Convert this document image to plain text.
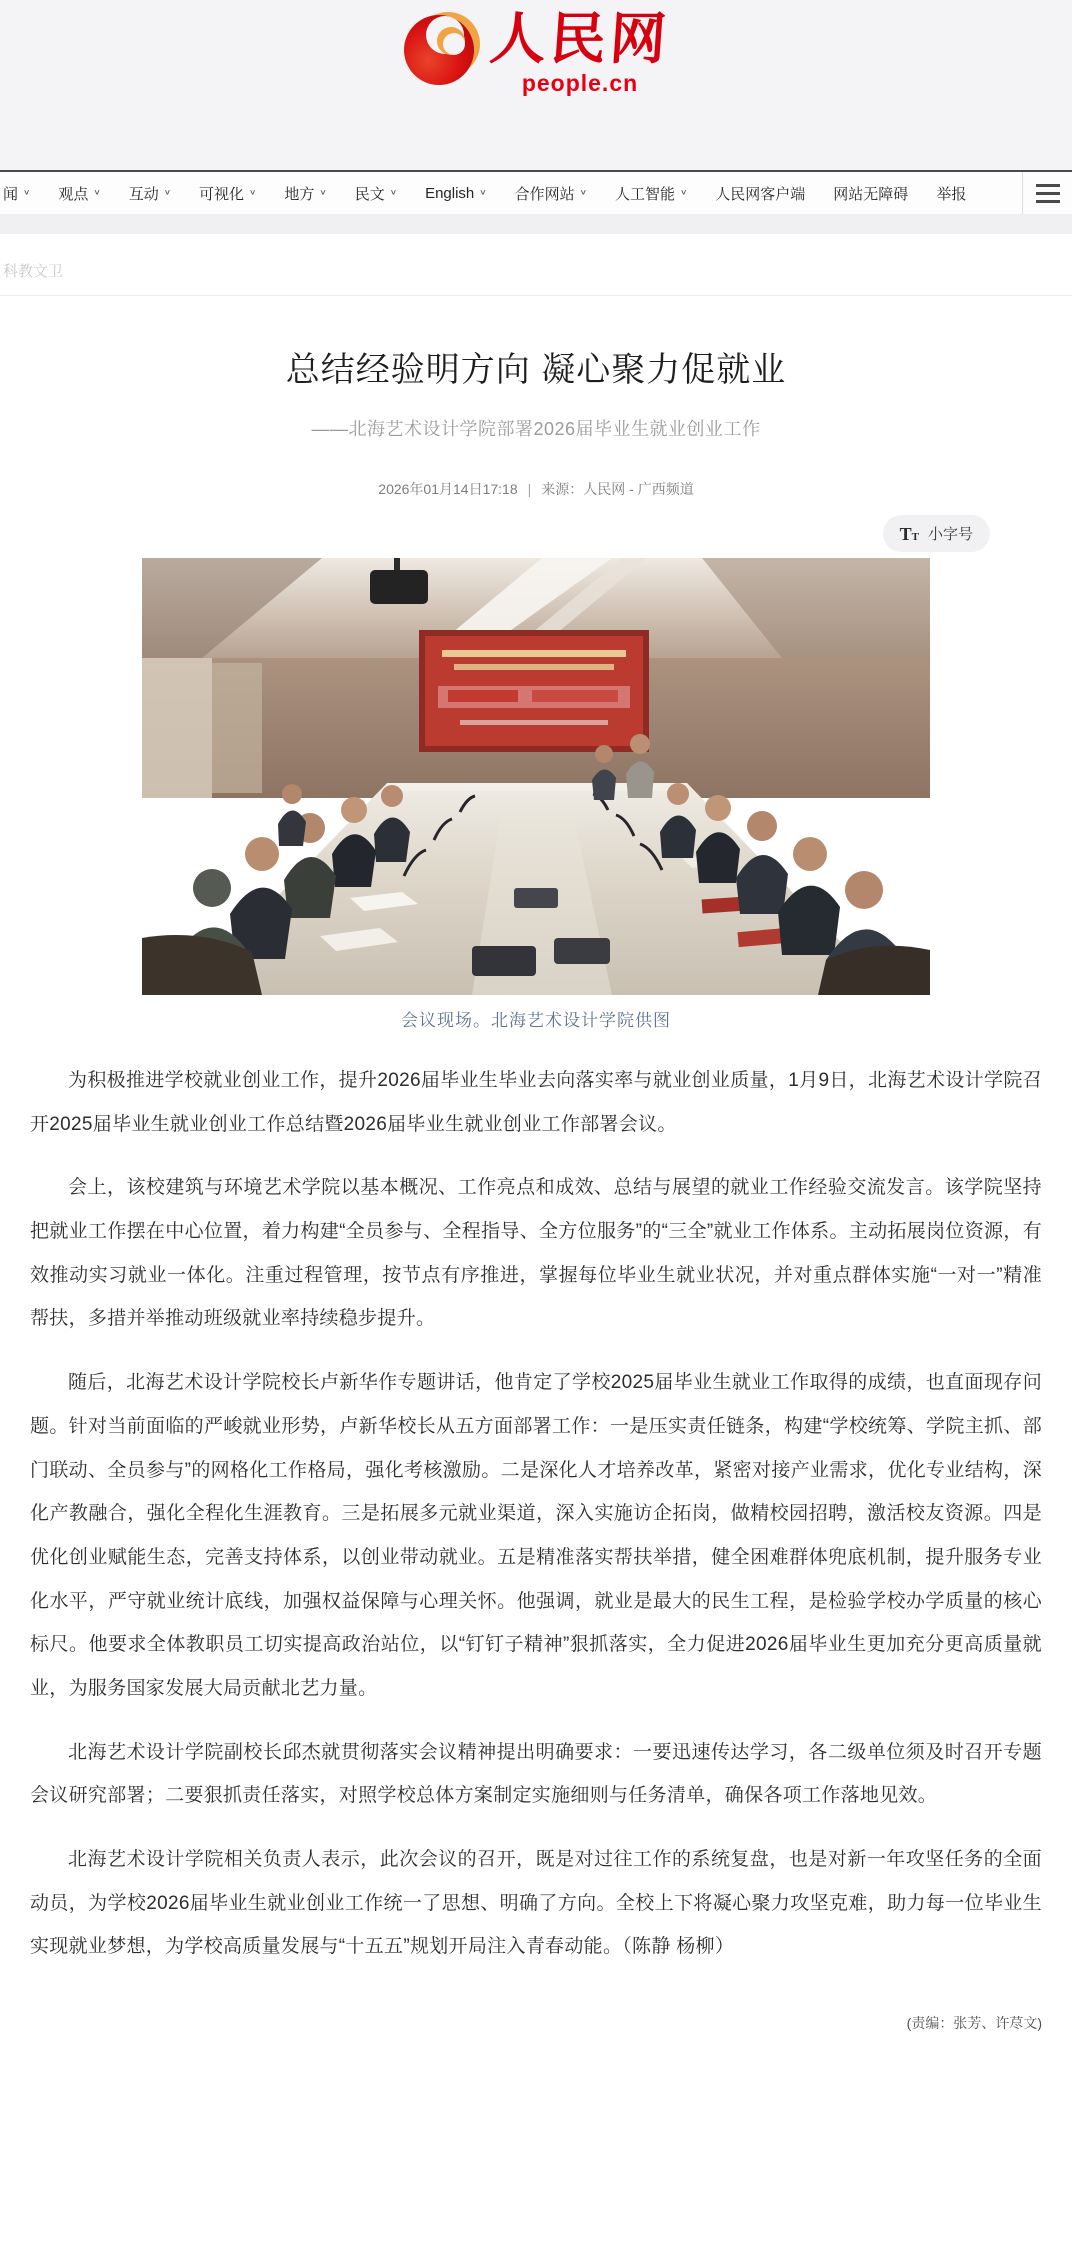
人民网
people.cn
闻 ∨ 观点 ∨ 互动 ∨ 可视化 ∨ 地方 ∨ 民文 ∨ English ∨ 合作网站 ∨ 人工智能 ∨ 人民网客户端 网站无障碍 举报
科教文卫
总结经验明方向 凝心聚力促就业
——北海艺术设计学院部署2026届毕业生就业创业工作
2026年01月14日17:18 | 来源：人民网 - 广西频道
TT 小字号
会议现场。北海艺术设计学院供图

为积极推进学校就业创业工作，提升2026届毕业生毕业去向落实率与就业创业质量，1月9日，北海艺术设计学院召开2025届毕业生就业创业工作总结暨2026届毕业生就业创业工作部署会议。

会上，该校建筑与环境艺术学院以基本概况、工作亮点和成效、总结与展望的就业工作经验交流发言。该学院坚持把就业工作摆在中心位置，着力构建“全员参与、全程指导、全方位服务”的“三全”就业工作体系。主动拓展岗位资源，有效推动实习就业一体化。注重过程管理，按节点有序推进，掌握每位毕业生就业状况，并对重点群体实施“一对一”精准帮扶，多措并举推动班级就业率持续稳步提升。

随后，北海艺术设计学院校长卢新华作专题讲话，他肯定了学校2025届毕业生就业工作取得的成绩，也直面现存问题。针对当前面临的严峻就业形势，卢新华校长从五方面部署工作：一是压实责任链条，构建“学校统筹、学院主抓、部门联动、全员参与”的网格化工作格局，强化考核激励。二是深化人才培养改革，紧密对接产业需求，优化专业结构，深化产教融合，强化全程化生涯教育。三是拓展多元就业渠道，深入实施访企拓岗，做精校园招聘，激活校友资源。四是优化创业赋能生态，完善支持体系，以创业带动就业。五是精准落实帮扶举措，健全困难群体兜底机制，提升服务专业化水平，严守就业统计底线，加强权益保障与心理关怀。他强调，就业是最大的民生工程，是检验学校办学质量的核心标尺。他要求全体教职员工切实提高政治站位，以“钉钉子精神”狠抓落实，全力促进2026届毕业生更加充分更高质量就业，为服务国家发展大局贡献北艺力量。

北海艺术设计学院副校长邱杰就贯彻落实会议精神提出明确要求：一要迅速传达学习，各二级单位须及时召开专题会议研究部署；二要狠抓责任落实，对照学校总体方案制定实施细则与任务清单，确保各项工作落地见效。

北海艺术设计学院相关负责人表示，此次会议的召开，既是对过往工作的系统复盘，也是对新一年攻坚任务的全面动员，为学校2026届毕业生就业创业工作统一了思想、明确了方向。全校上下将凝心聚力攻坚克难，助力每一位毕业生实现就业梦想，为学校高质量发展与“十五五”规划开局注入青春动能。（陈静 杨柳）

(责编：张芳、许荩文)
